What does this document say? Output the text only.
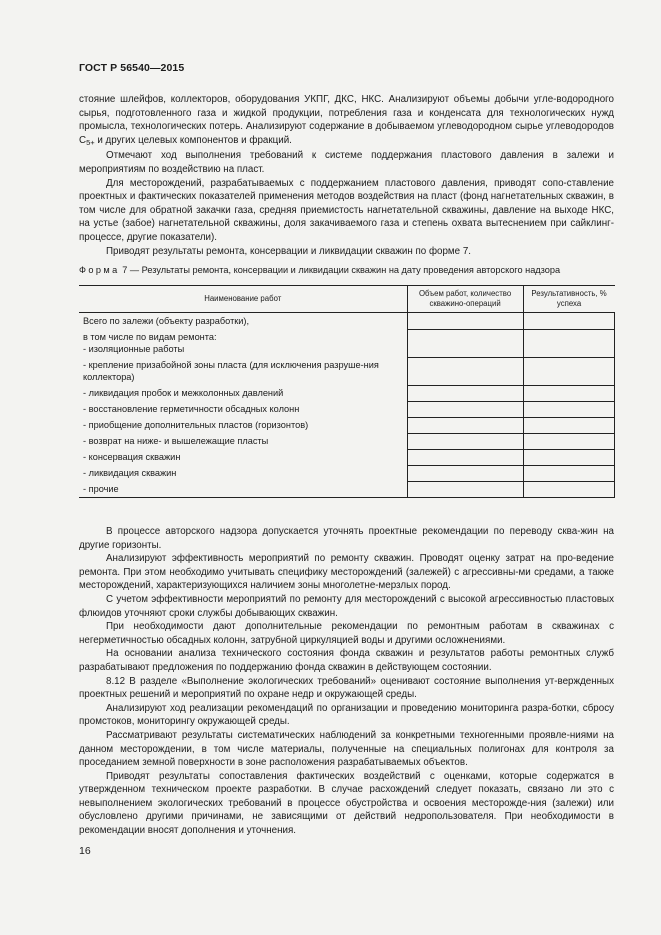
ГОСТ Р 56540—2015

стояние шлейфов, коллекторов, оборудования УКПГ, ДКС, НКС. Анализируют объемы добычи угле-водородного сырья, подготовленного газа и жидкой продукции, потребления газа и конденсата для технологических нужд промысла, технологических потерь. Анализируют содержание в добываемом углеводородном сырье углеводородов $C_{5+}$ и других целевых компонентов и фракций.

Отмечают ход выполнения требований к системе поддержания пластового давления в залежи и мероприятиям по воздействию на пласт.

Для месторождений, разрабатываемых с поддержанием пластового давления, приводят сопо-ставление проектных и фактических показателей применения методов воздействия на пласт (фонд нагнетательных скважин, в том числе для обратной закачки газа, средняя приемистость нагнетательной скважины, давление на выходе НКС, на устье (забое) нагнетательной скважины, доля закачиваемого газа и степень охвата вытеснением при сайклинг-процессе, другие показатели).

Приводят результаты ремонта, консервации и ликвидации скважин по форме 7.

Форма 7 — Результаты ремонта, консервации и ликвидации скважин на дату проведения авторского надзора
Наименование работ	Объем работ, количество скважино-операций	Результативность, % успеха
Всего по залежи (объекту разработки),		
в том числе по видам ремонта:
- изоляционные работы		
- крепление призабойной зоны пласта (для исключения разруше-ния коллектора)		
- ликвидация пробок и межколонных давлений		
- восстановление герметичности обсадных колонн		
- приобщение дополнительных пластов (горизонтов)		
- возврат на ниже- и вышележащие пласты		
- консервация скважин		
- ликвидация скважин		
- прочие		

В процессе авторского надзора допускается уточнять проектные рекомендации по переводу сква-жин на другие горизонты.

Анализируют эффективность мероприятий по ремонту скважин. Проводят оценку затрат на про-ведение ремонта. При этом необходимо учитывать специфику месторождений (залежей) с агрессивны-ми средами, а также месторождений, характеризующихся наличием зоны многолетне-мерзлых пород.

С учетом эффективности мероприятий по ремонту для месторождений с высокой агрессивностью пластовых флюидов уточняют сроки службы добывающих скважин.

При необходимости дают дополнительные рекомендации по ремонтным работам в скважинах с негерметичностью обсадных колонн, затрубной циркуляцией воды и другими осложнениями.

На основании анализа технического состояния фонда скважин и результатов работы ремонтных служб разрабатывают предложения по поддержанию фонда скважин в действующем состоянии.

8.12 В разделе «Выполнение экологических требований» оценивают состояние выполнения ут-вержденных проектных решений и мероприятий по охране недр и окружающей среды.

Анализируют ход реализации рекомендаций по организации и проведению мониторинга разра-ботки, сбросу промстоков, мониторингу окружающей среды.

Рассматривают результаты систематических наблюдений за конкретными техногенными проявле-ниями на данном месторождении, в том числе материалы, полученные на специальных полигонах для контроля за проседанием земной поверхности в зоне расположения разрабатываемых объектов.

Приводят результаты сопоставления фактических воздействий с оценками, которые содержатся в утвержденном техническом проекте разработки. В случае расхождений следует показать, связано ли это с невыполнением экологических требований в процессе обустройства и освоения месторожде-ния (залежи) или обусловлено другими причинами, не зависящими от действий недропользователя. При необходимости в рекомендации вносят дополнения и уточнения.

16
